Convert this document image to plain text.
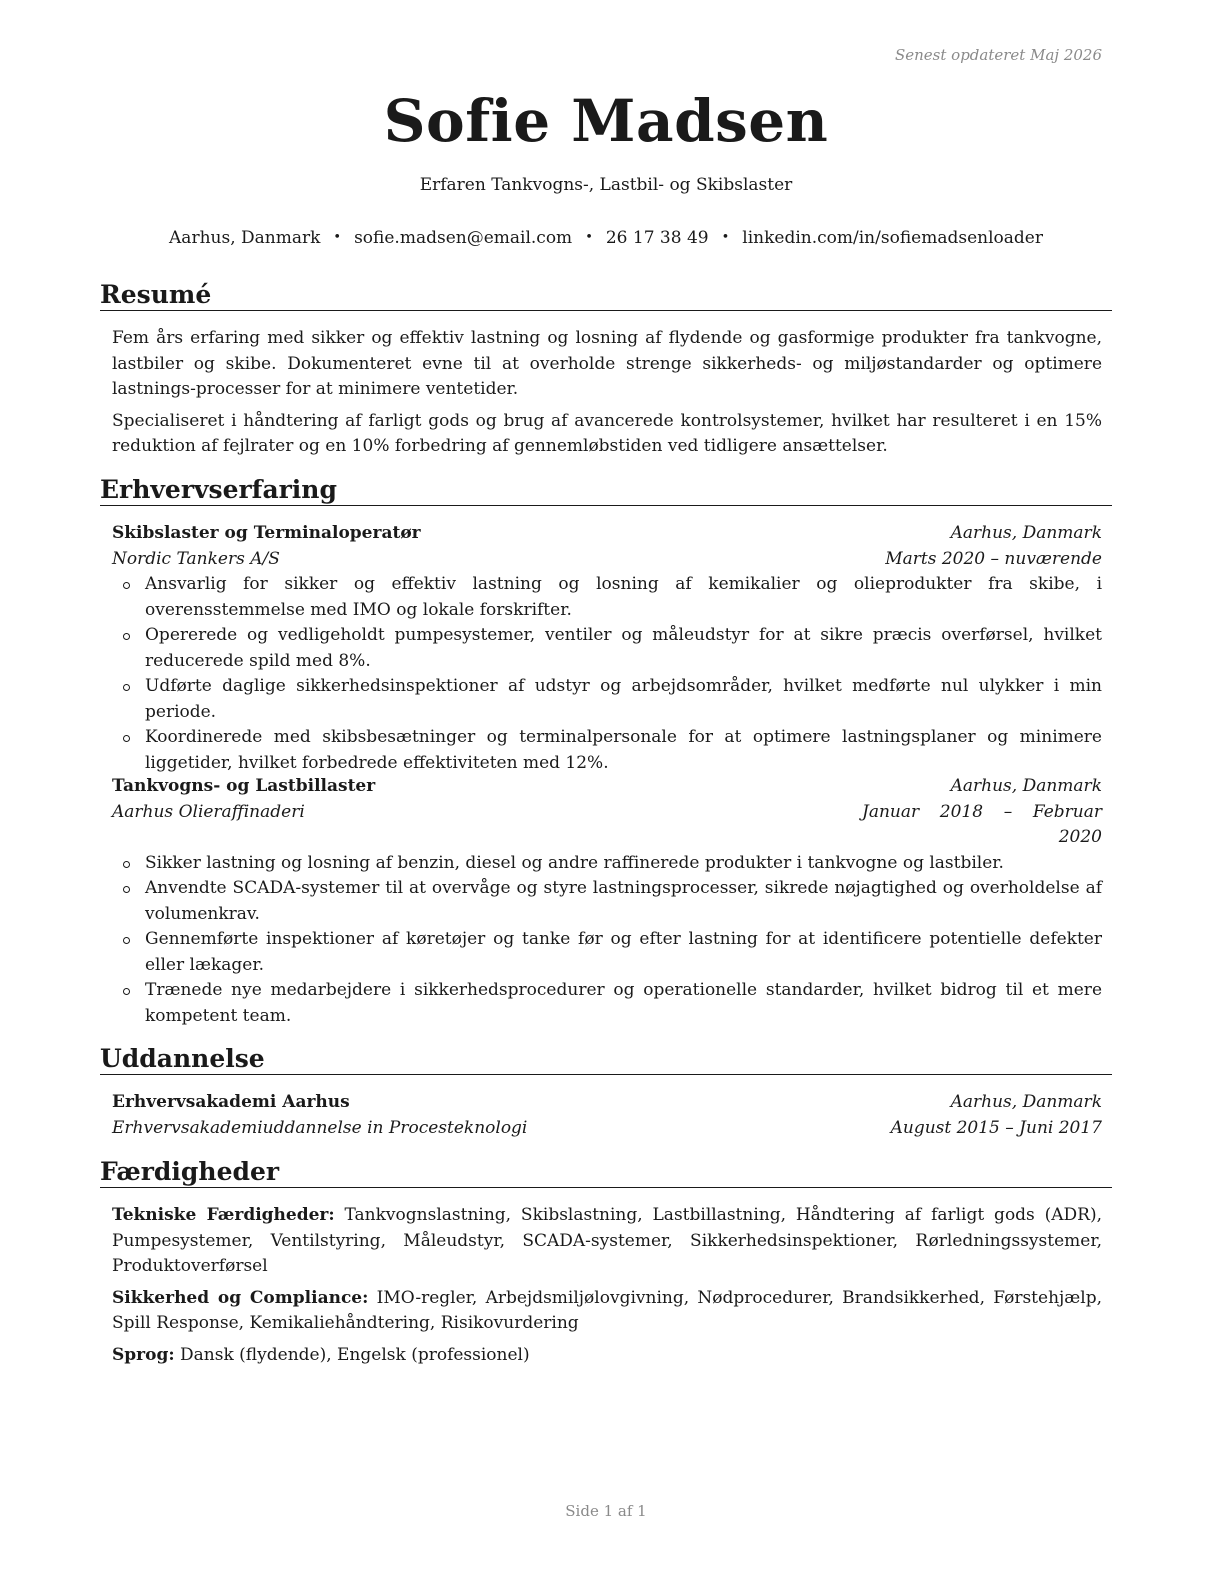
Senest opdateret Maj 2026
Sofie Madsen
Erfaren Tankvogns-, Lastbil- og Skibslaster
Aarhus, Danmark • sofie.madsen@email.com • 26 17 38 49 • linkedin.com/in/sofiemadsenloader
Resumé

Fem års erfaring med sikker og effektiv lastning og losning af flydende og gasformige produkter fra tankvogne, lastbiler og skibe. Dokumenteret evne til at overholde strenge sikkerheds- og miljøstandarder og optimere lastnings-processer for at minimere ventetider.

Specialiseret i håndtering af farligt gods og brug af avancerede kontrolsystemer, hvilket har resulteret i en 15% reduktion af fejlrater og en 10% forbedring af gennemløbstiden ved tidligere ansættelser.

Erhvervserfaring
Skibslaster og Terminaloperatør	Aarhus, Danmark
Nordic Tankers A/S	Marts 2020 – nuværende
Ansvarlig for sikker og effektiv lastning og losning af kemikalier og olieprodukter fra skibe, i overensstemmelse med IMO og lokale forskrifter.
Opererede og vedligeholdt pumpesystemer, ventiler og måleudstyr for at sikre præcis overførsel, hvilket reducerede spild med 8%.
Udførte daglige sikkerhedsinspektioner af udstyr og arbejdsområder, hvilket medførte nul ulykker i min periode.
Koordinerede med skibsbesætninger og terminalpersonale for at optimere lastningsplaner og minimere liggetider, hvilket forbedrede effektiviteten med 12%.
Tankvogns- og Lastbillaster	Aarhus, Danmark
Aarhus Olieraffinaderi	Januar 2018 – Februar 2020
Sikker lastning og losning af benzin, diesel og andre raffinerede produkter i tankvogne og lastbiler.
Anvendte SCADA-systemer til at overvåge og styre lastningsprocesser, sikrede nøjagtighed og overholdelse af volumenkrav.
Gennemførte inspektioner af køretøjer og tanke før og efter lastning for at identificere potentielle defekter eller lækager.
Trænede nye medarbejdere i sikkerhedsprocedurer og operationelle standarder, hvilket bidrog til et mere kompetent team.
Uddannelse
Erhvervsakademi Aarhus	Aarhus, Danmark
Erhvervsakademiuddannelse in Procesteknologi	August 2015 – Juni 2017
Færdigheder
Tekniske Færdigheder: Tankvognslastning, Skibslastning, Lastbillastning, Håndtering af farligt gods (ADR), Pumpesystemer, Ventilstyring, Måleudstyr, SCADA-systemer, Sikkerhedsinspektioner, Rørledningssystemer, Produktoverførsel
Sikkerhed og Compliance: IMO-regler, Arbejdsmiljølovgivning, Nødprocedurer, Brandsikkerhed, Førstehjælp, Spill Response, Kemikaliehåndtering, Risikovurdering
Sprog: Dansk (flydende), Engelsk (professionel)
Side 1 af 1
